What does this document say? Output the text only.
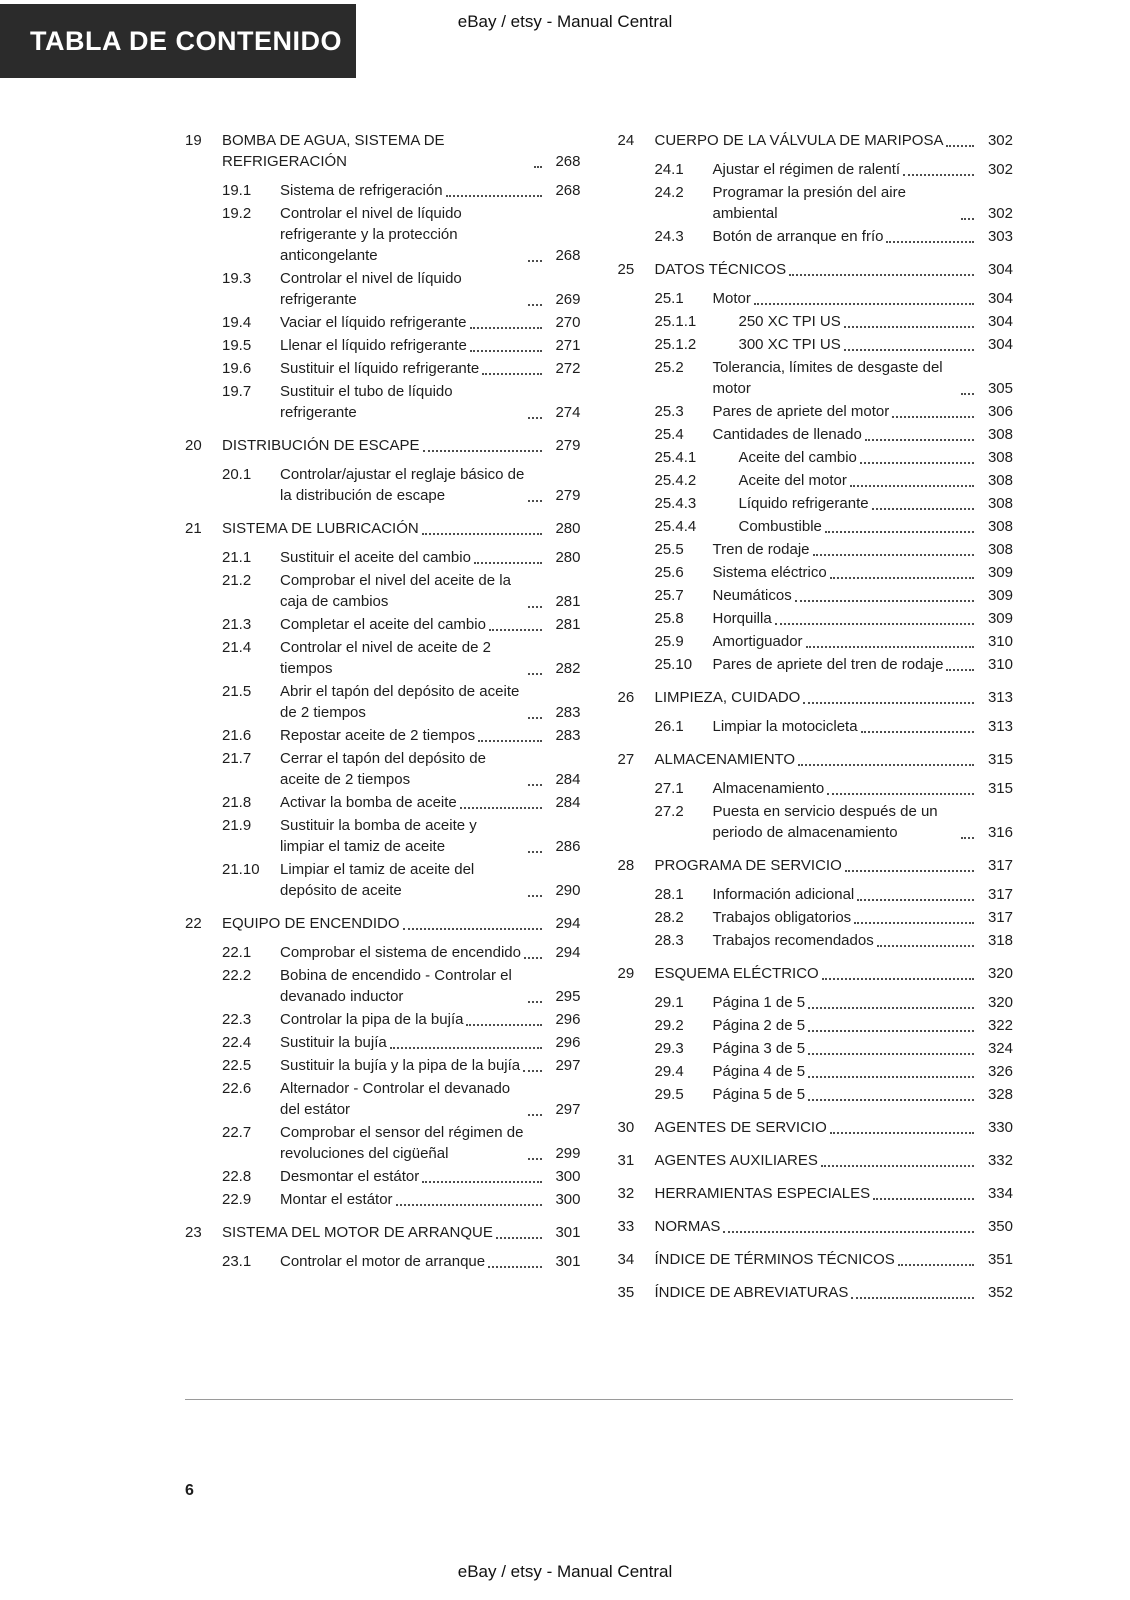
eBay / etsy - Manual Central
TABLA DE CONTENIDO
19	BOMBA DE AGUA, SISTEMA DE REFRIGERACIÓN	268
19.1	Sistema de refrigeración	268
19.2	Controlar el nivel de líquido refrigerante y la protección anticongelante	268
19.3	Controlar el nivel de líquido refrigerante	269
19.4	Vaciar el líquido refrigerante	270
19.5	Llenar el líquido refrigerante	271
19.6	Sustituir el líquido refrigerante	272
19.7	Sustituir el tubo de líquido refrigerante	274
20	DISTRIBUCIÓN DE ESCAPE	279
20.1	Controlar/ajustar el reglaje básico de la distribución de escape	279
21	SISTEMA DE LUBRICACIÓN	280
21.1	Sustituir el aceite del cambio	280
21.2	Comprobar el nivel del aceite de la caja de cambios	281
21.3	Completar el aceite del cambio	281
21.4	Controlar el nivel de aceite de 2 tiempos	282
21.5	Abrir el tapón del depósito de aceite de 2 tiempos	283
21.6	Repostar aceite de 2 tiempos	283
21.7	Cerrar el tapón del depósito de aceite de 2 tiempos	284
21.8	Activar la bomba de aceite	284
21.9	Sustituir la bomba de aceite y limpiar el tamiz de aceite	286
21.10	Limpiar el tamiz de aceite del depósito de aceite	290
22	EQUIPO DE ENCENDIDO	294
22.1	Comprobar el sistema de encendido	294
22.2	Bobina de encendido - Controlar el devanado inductor	295
22.3	Controlar la pipa de la bujía	296
22.4	Sustituir la bujía	296
22.5	Sustituir la bujía y la pipa de la bujía	297
22.6	Alternador - Controlar el devanado del estátor	297
22.7	Comprobar el sensor del régimen de revoluciones del cigüeñal	299
22.8	Desmontar el estátor	300
22.9	Montar el estátor	300
23	SISTEMA DEL MOTOR DE ARRANQUE	301
23.1	Controlar el motor de arranque	301
24	CUERPO DE LA VÁLVULA DE MARIPOSA	302
24.1	Ajustar el régimen de ralentí	302
24.2	Programar la presión del aire ambiental	302
24.3	Botón de arranque en frío	303
25	DATOS TÉCNICOS	304
25.1	Motor	304
25.1.1	250 XC TPI US	304
25.1.2	300 XC TPI US	304
25.2	Tolerancia, límites de desgaste del motor	305
25.3	Pares de apriete del motor	306
25.4	Cantidades de llenado	308
25.4.1	Aceite del cambio	308
25.4.2	Aceite del motor	308
25.4.3	Líquido refrigerante	308
25.4.4	Combustible	308
25.5	Tren de rodaje	308
25.6	Sistema eléctrico	309
25.7	Neumáticos	309
25.8	Horquilla	309
25.9	Amortiguador	310
25.10	Pares de apriete del tren de rodaje	310
26	LIMPIEZA, CUIDADO	313
26.1	Limpiar la motocicleta	313
27	ALMACENAMIENTO	315
27.1	Almacenamiento	315
27.2	Puesta en servicio después de un periodo de almacenamiento	316
28	PROGRAMA DE SERVICIO	317
28.1	Información adicional	317
28.2	Trabajos obligatorios	317
28.3	Trabajos recomendados	318
29	ESQUEMA ELÉCTRICO	320
29.1	Página 1 de 5	320
29.2	Página 2 de 5	322
29.3	Página 3 de 5	324
29.4	Página 4 de 5	326
29.5	Página 5 de 5	328
30	AGENTES DE SERVICIO	330
31	AGENTES AUXILIARES	332
32	HERRAMIENTAS ESPECIALES	334
33	NORMAS	350
34	ÍNDICE DE TÉRMINOS TÉCNICOS	351
35	ÍNDICE DE ABREVIATURAS	352
6
eBay / etsy - Manual Central
